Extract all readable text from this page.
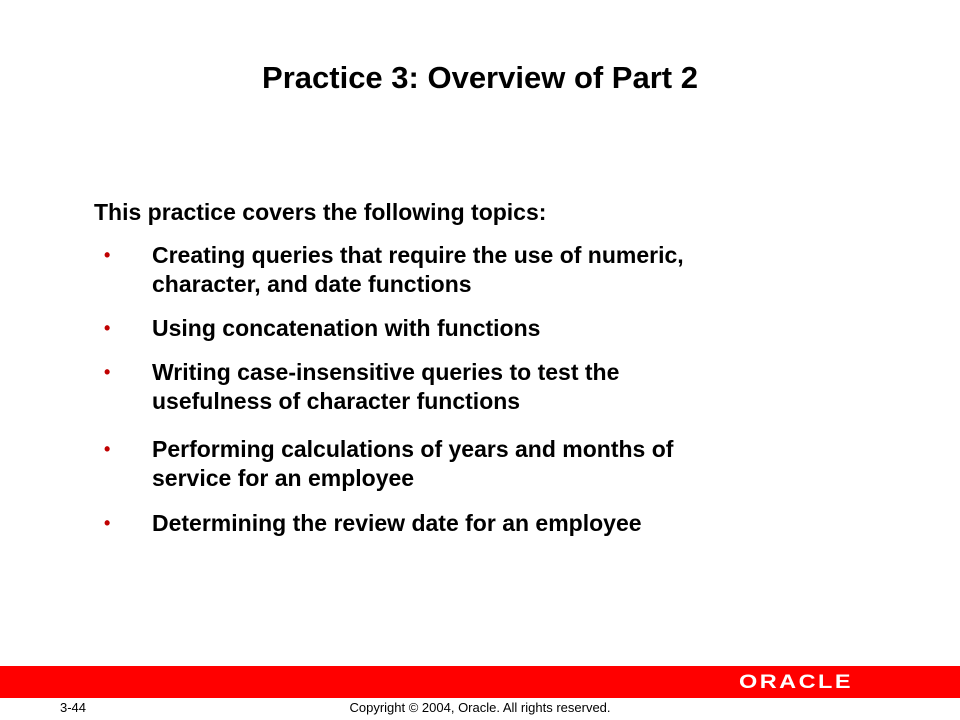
Practice 3: Overview of Part 2

This practice covers the following topics:

•	Creating queries that require the use of numeric,
character, and date functions
•	Using concatenation with functions
•	Writing case-insensitive queries to test the
usefulness of character functions
•	Performing calculations of years and months of
service for an employee
•	Determining the review date for an employee
ORACLE
3-44	Copyright © 2004, Oracle. All rights reserved.
